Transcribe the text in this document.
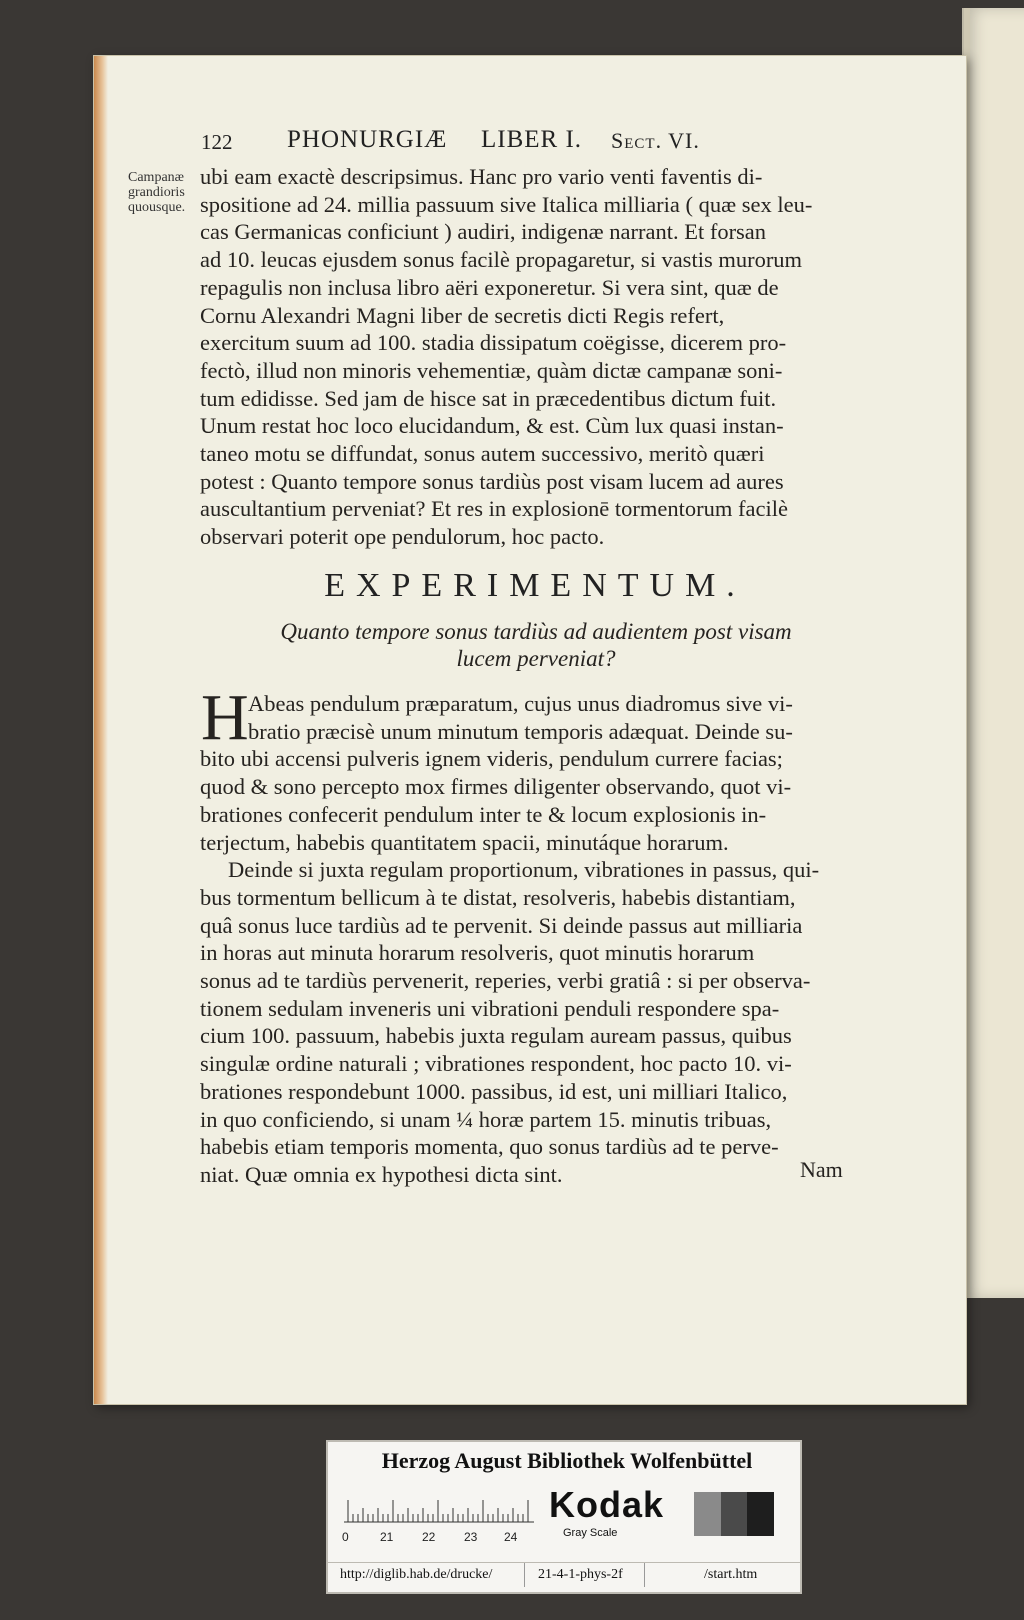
122 PHONURGIÆ LIBER I. Sect. VI.
Campanæ
grandioris
quousque.
ubi eam exactè descripsimus. Hanc pro vario venti faventis di-
spositione ad 24. millia passuum sive Italica milliaria ( quæ sex leu-
cas Germanicas conficiunt ) audiri, indigenæ narrant. Et forsan
ad 10. leucas ejusdem sonus facilè propagaretur, si vastis murorum
repagulis non inclusa libro aëri exponeretur. Si vera sint, quæ de
Cornu Alexandri Magni liber de secretis dicti Regis refert,
exercitum suum ad 100. stadia dissipatum coëgisse, dicerem pro-
fectò, illud non minoris vehementiæ, quàm dictæ campanæ soni-
tum edidisse. Sed jam de hisce sat in præcedentibus dictum fuit.
Unum restat hoc loco elucidandum, & est. Cùm lux quasi instan-
taneo motu se diffundat, sonus autem successivo, meritò quæri
potest : Quanto tempore sonus tardiùs post visam lucem ad aures
auscultantium perveniat? Et res in explosionē tormentorum facilè
observari poterit ope pendulorum, hoc pacto.
EXPERIMENTUM.
Quanto tempore sonus tardiùs ad audientem post visam
lucem perveniat?
H Abeas pendulum præparatum, cujus unus diadromus sive vi-
bratio præcisè unum minutum temporis adæquat. Deinde su-
bito ubi accensi pulveris ignem videris, pendulum currere facias;
quod & sono percepto mox firmes diligenter observando, quot vi-
brationes confecerit pendulum inter te & locum explosionis in-
terjectum, habebis quantitatem spacii, minutáque horarum.
Deinde si juxta regulam proportionum, vibrationes in passus, qui-
bus tormentum bellicum à te distat, resolveris, habebis distantiam,
quâ sonus luce tardiùs ad te pervenit. Si deinde passus aut milliaria
in horas aut minuta horarum resolveris, quot minutis horarum
sonus ad te tardiùs pervenerit, reperies, verbi gratiâ : si per observa-
tionem sedulam inveneris uni vibrationi penduli respondere spa-
cium 100. passuum, habebis juxta regulam auream passus, quibus
singulæ ordine naturali ; vibrationes respondent, hoc pacto 10. vi-
brationes respondebunt 1000. passibus, id est, uni milliari Italico,
in quo conficiendo, si unam ¼ horæ partem 15. minutis tribuas,
habebis etiam temporis momenta, quo sonus tardiùs ad te perve-
niat. Quæ omnia ex hypothesi dicta sint.	Nam
Herzog August Bibliothek Wolfenbüttel
0	21 22 23 24
Kodak
Gray Scale
http://diglib.hab.de/drucke/	21-4-1-phys-2f	/start.htm
